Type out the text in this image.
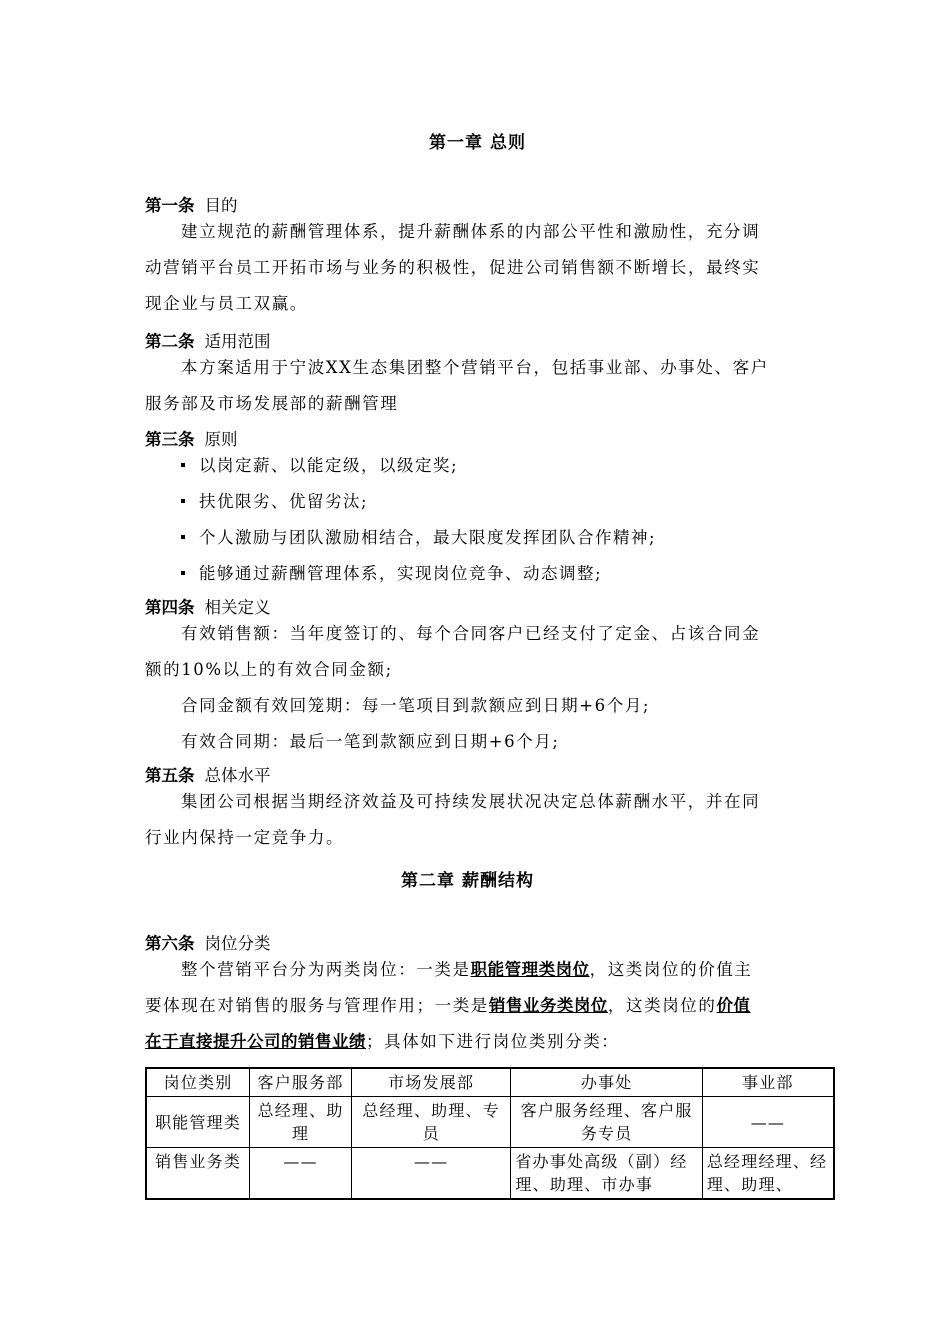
第一章 总则
第一条 目的
建立规范的薪酬管理体系，提升薪酬体系的内部公平性和激励性，充分调
动营销平台员工开拓市场与业务的积极性，促进公司销售额不断增长，最终实
现企业与员工双赢。
第二条 适用范围
本方案适用于宁波XX生态集团整个营销平台，包括事业部、办事处、客户
服务部及市场发展部的薪酬管理
第三条 原则
以岗定薪、以能定级，以级定奖;
扶优限劣、优留劣汰;
个人激励与团队激励相结合，最大限度发挥团队合作精神;
能够通过薪酬管理体系，实现岗位竞争、动态调整;
第四条 相关定义
有效销售额：当年度签订的、每个合同客户已经支付了定金、占该合同金
额的10%以上的有效合同金额;
合同金额有效回笼期：每一笔项目到款额应到日期+6个月;
有效合同期：最后一笔到款额应到日期+6个月;
第五条 总体水平
集团公司根据当期经济效益及可持续发展状况决定总体薪酬水平，并在同
行业内保持一定竞争力。
第二章 薪酬结构
第六条 岗位分类
整个营销平台分为两类岗位：一类是职能管理类岗位，这类岗位的价值主
要体现在对销售的服务与管理作用；一类是销售业务类岗位，这类岗位的价值
在于直接提升公司的销售业绩；具体如下进行岗位类别分类：
岗位类别	客户服务部	市场发展部	办事处	事业部
职能管理类	总经理、助理	总经理、助理、专员	客户服务经理、客户服务专员	——
销售业务类	——	——	省办事处高级（副）经理、助理、市办事	总经理经理、经理、助理、
